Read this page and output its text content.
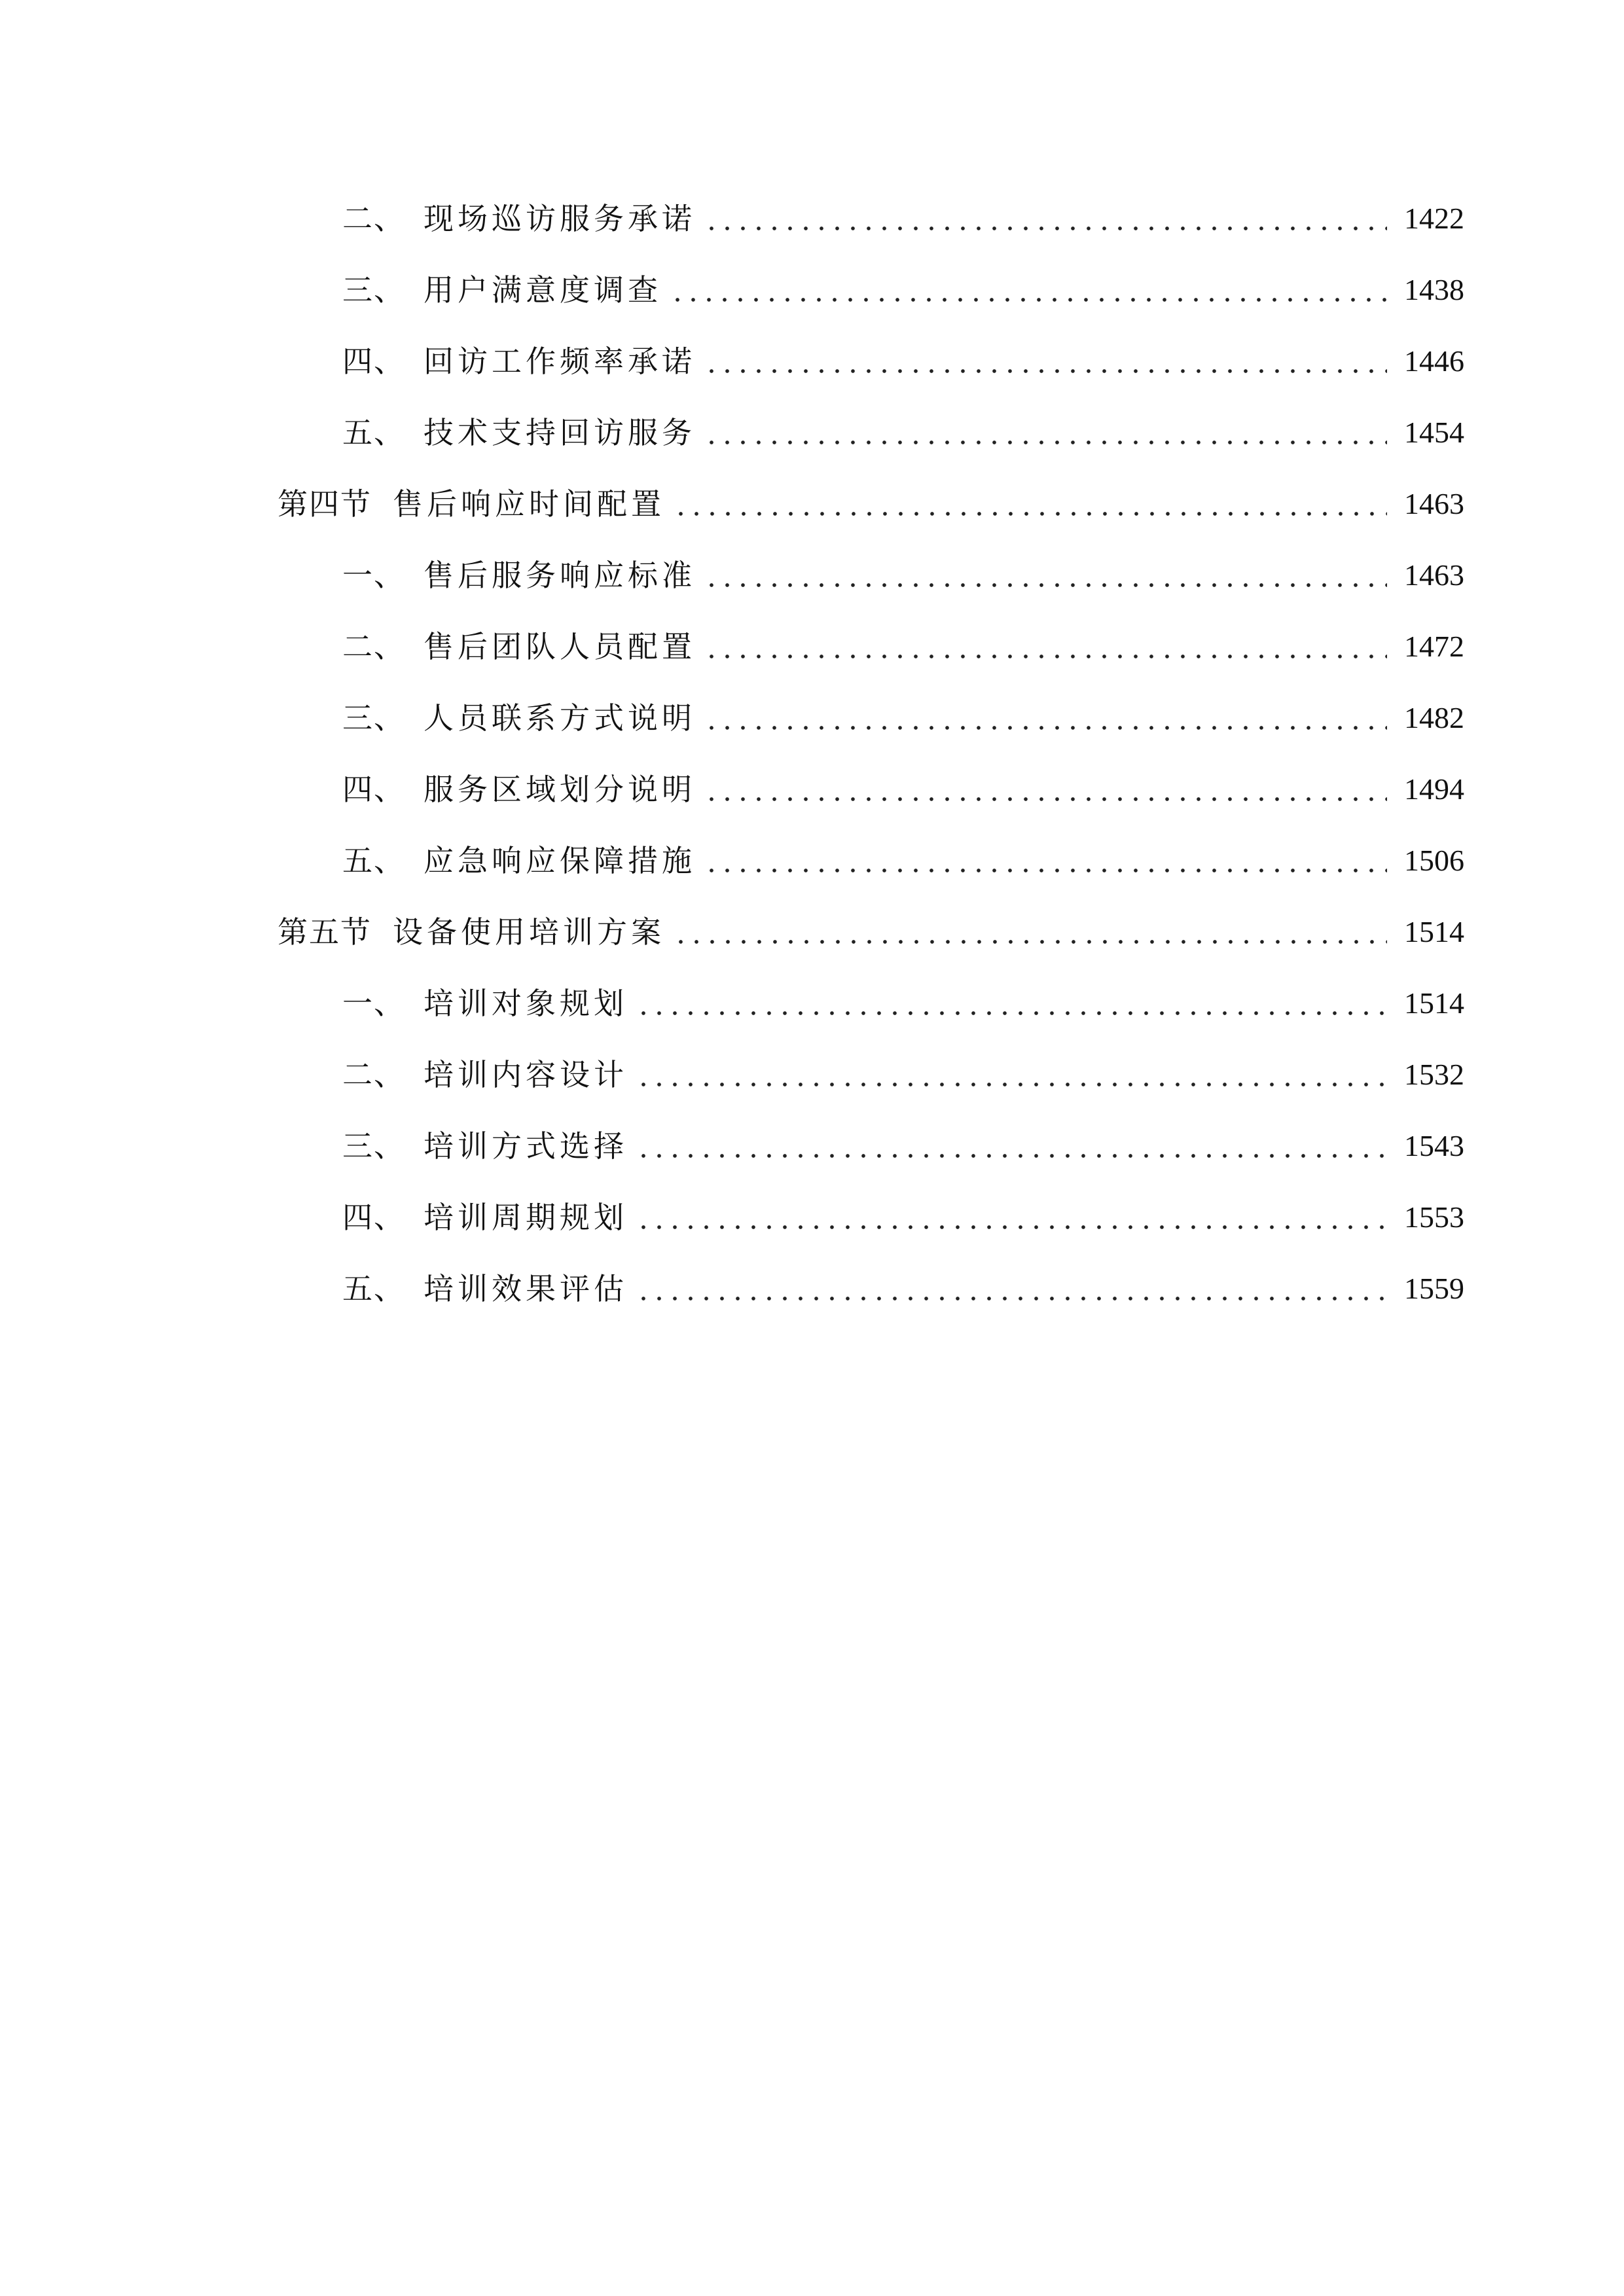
二、 现场巡访服务承诺	1422
三、 用户满意度调查	1438
四、 回访工作频率承诺	1446
五、 技术支持回访服务	1454
第四节 售后响应时间配置	1463
一、 售后服务响应标准	1463
二、 售后团队人员配置	1472
三、 人员联系方式说明	1482
四、 服务区域划分说明	1494
五、 应急响应保障措施	1506
第五节 设备使用培训方案	1514
一、 培训对象规划	1514
二、 培训内容设计	1532
三、 培训方式选择	1543
四、 培训周期规划	1553
五、 培训效果评估	1559
